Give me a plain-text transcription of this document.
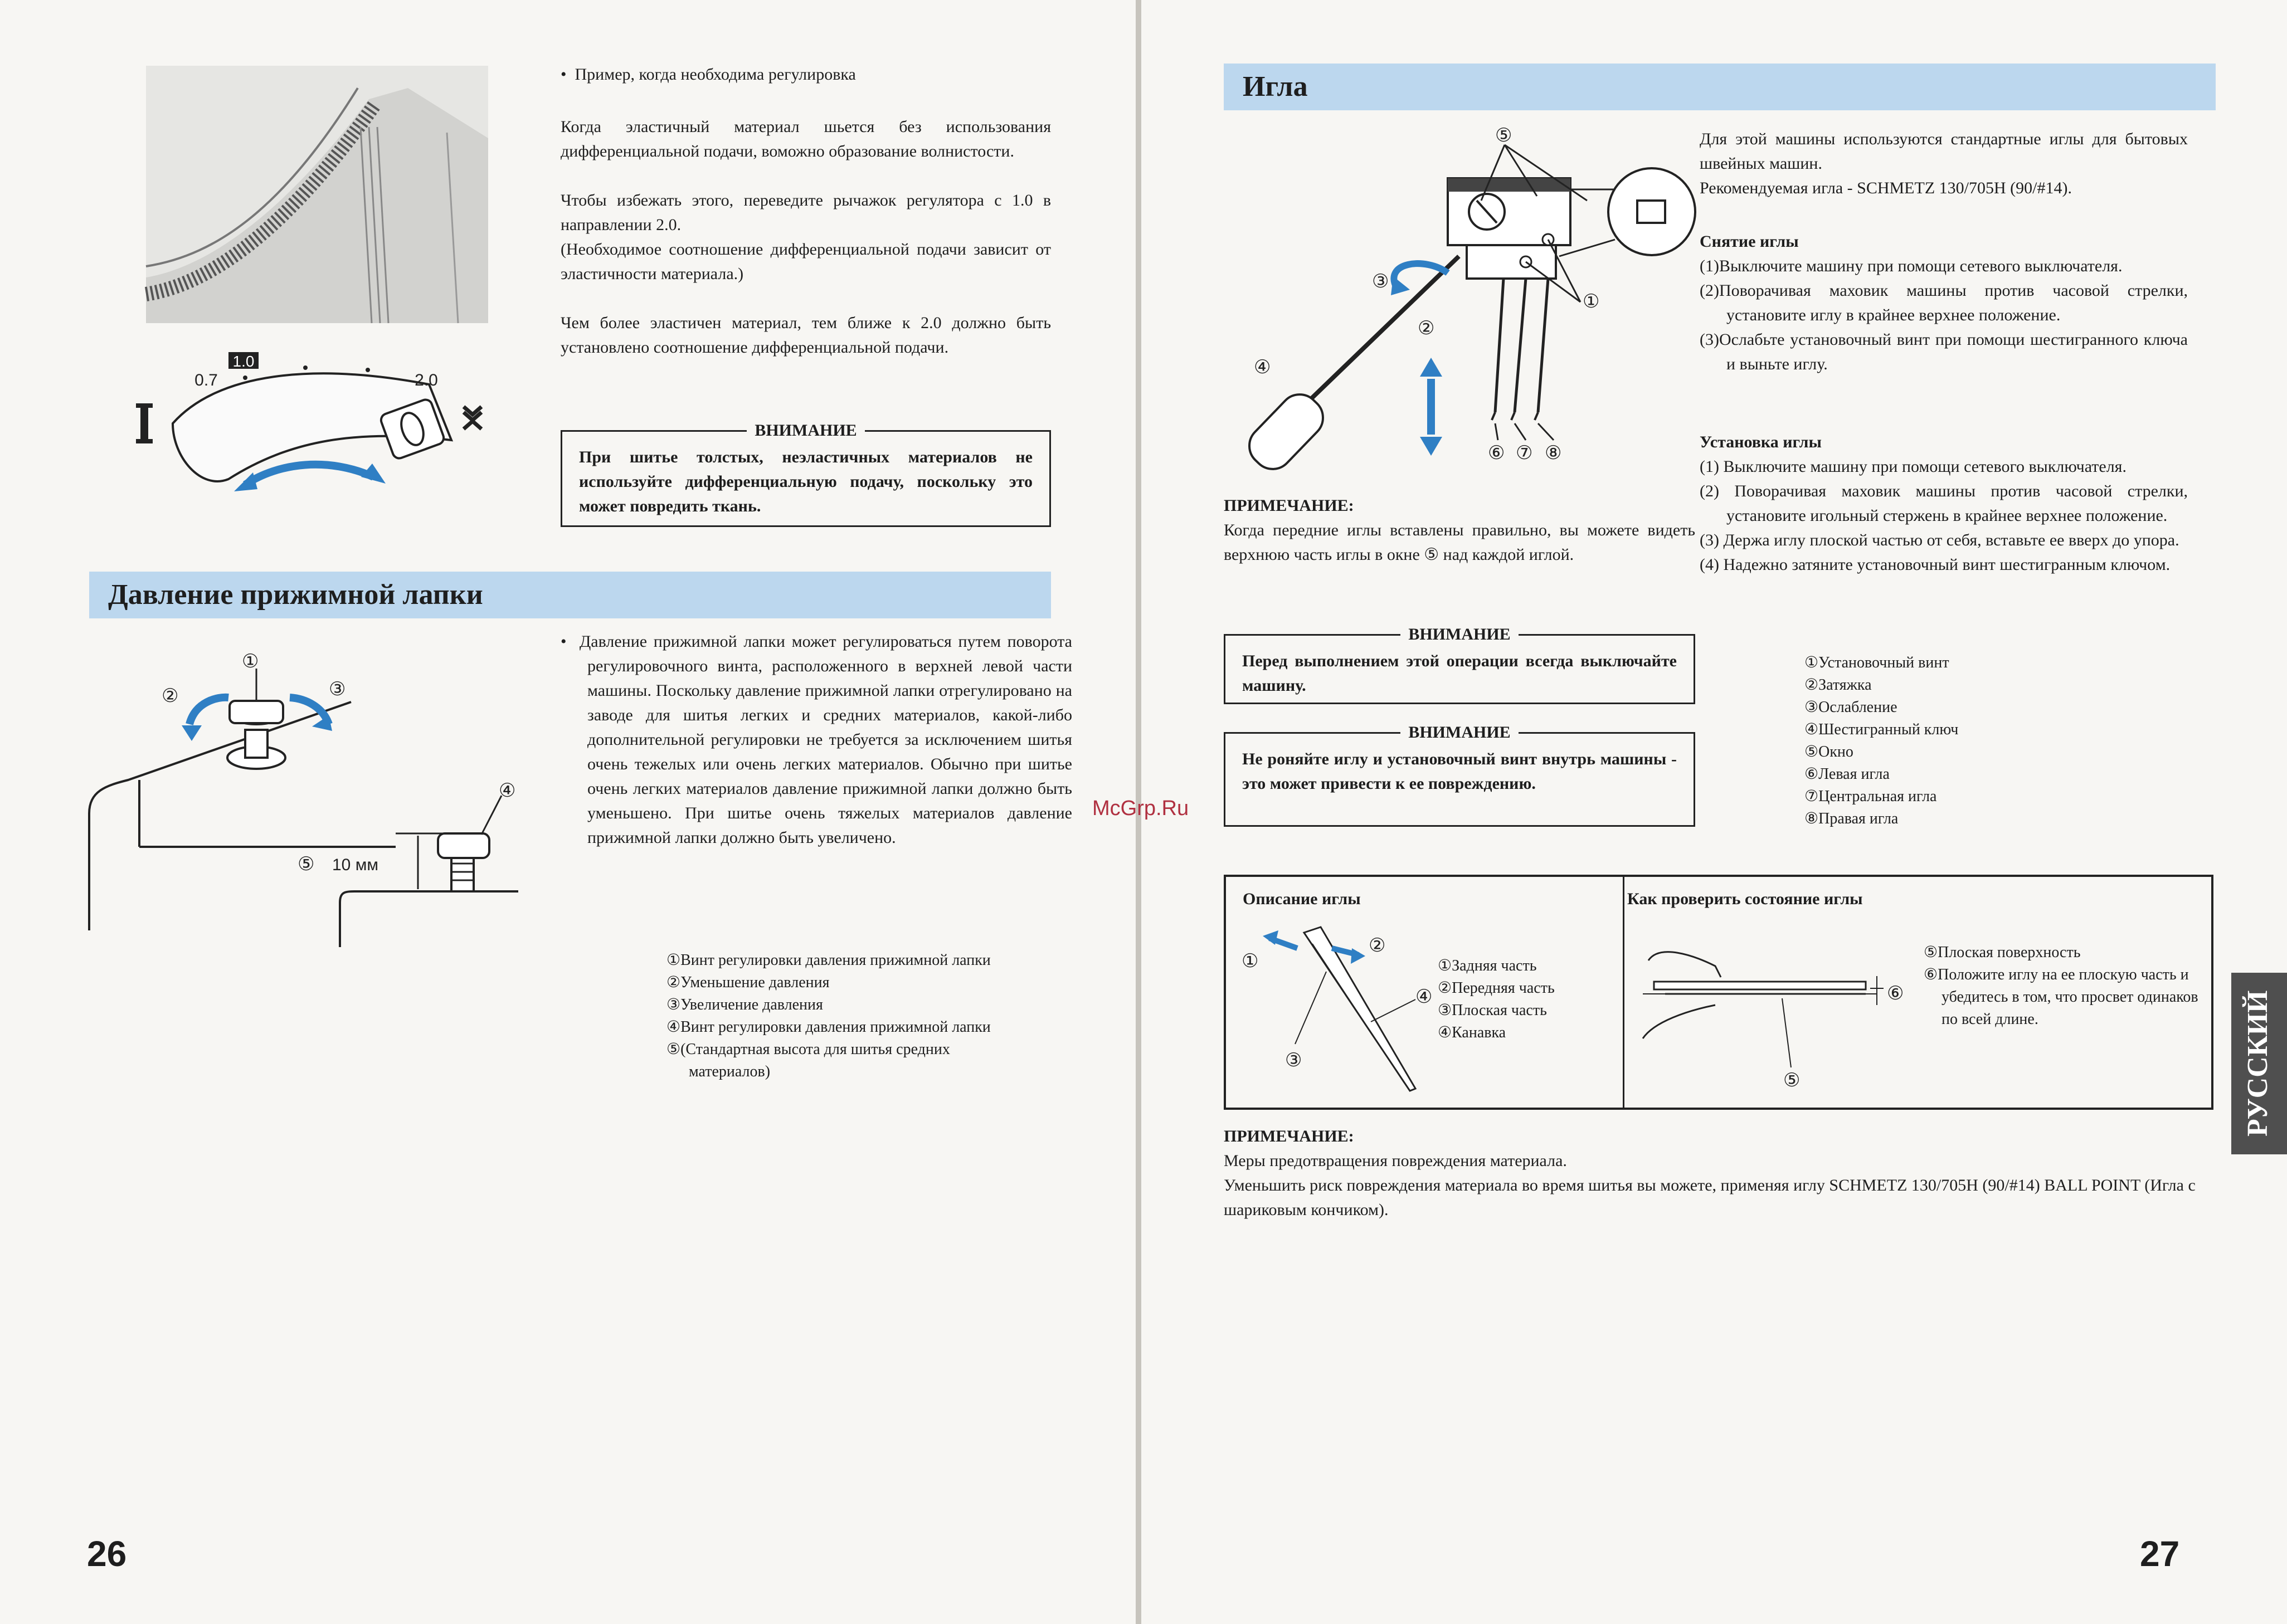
1.0
0.7	2.0
•  Пример, когда необходима регулировка

Когда эластичный материал шьется без использования дифференциальной подачи, воможно образование волнистости.

Чтобы избежать этого, переведите рычажок регулятора с 1.0 в направлении 2.0.

(Необходимое соотношение дифференциальной подачи зависит от эластичности материала.)

Чем более эластичен материал, тем ближе к 2.0 должно быть установлено соотношение дифференциальной подачи.

ВНИМАНИЕ
При шитье толстых, неэластичных материалов не используйте дифференциальную подачу, поскольку это может повредить ткань.
Давление прижимной лапки
①
②	③
④
⑤ 10 мм
•  Давление прижимной лапки может регулироваться путем поворота регулировочного винта, расположенного в верхней левой части машины. Поскольку давление прижимной лапки отрегулировано на заводе для шитья легких и средних материалов, какой-либо дополнительной регулировки не требуется за исключением шитья очень тежелых или очень легких материалов. Обычно при шитье очень легких материалов давление прижимной лапки должно быть уменьшено. При шитье очень тяжелых материалов давление прижимной лапки должно быть увеличено.
①Винт регулировки давления прижимной лапки
②Уменьшение давления
③Увеличение давления
④Винт регулировки давления прижимной лапки
⑤(Стандартная высота для шитья средних
материалов)
26
Игла
⑤
①
②
③
④
⑥ ⑦ ⑧

Для этой машины используются стандартные иглы для бытовых швейных машин.

Рекомендуемая игла - SCHMETZ 130/705H (90/#14).

Снятие иглы
(1)Выключите машину при помощи сетевого выключателя.
(2)Поворачивая маховик машины против часовой стрелки, установите иглу в крайнее верхнее положение.
(3)Ослабьте установочный винт при помощи шестигранного ключа и выньте иглу.
Установка иглы
(1) Выключите машину при помощи сетевого выключателя.
(2) Поворачивая маховик машины против часовой стрелки, установите игольный стержень в крайнее верхнее положение.
(3) Держа иглу плоской частью от себя, вставьте ее вверх до упора.
(4) Надежно затяните установочный винт шестигранным ключом.
①Установочный винт
②Затяжка
③Ослабление
④Шестигранный ключ
⑤Окно
⑥Левая игла
⑦Центральная игла
⑧Правая игла
ПРИМЕЧАНИЕ:
Когда передние иглы вставлены правильно, вы можете видеть верхнюю часть иглы в окне ⑤ над каждой иглой.
ВНИМАНИЕ
Перед выполнением этой операции всегда выключайте машину.
ВНИМАНИЕ
Не роняйте иглу и установочный винт внутрь машины - это может привести к ее повреждению.
McGrp.Ru
Описание иглы	Как проверить состояние иглы
①
②
③
④
①Задняя часть
②Передняя часть
③Плоская часть
④Канавка
⑤
⑥
⑤Плоская поверхность
⑥Положите иглу на ее плоскую часть и убедитесь в том, что просвет одинаков по всей длине.
ПРИМЕЧАНИЕ:
Меры предотвращения повреждения материала.
Уменьшить риск повреждения материала во время шитья вы можете, применяя иглу SCHMETZ 130/705H (90/#14) BALL POINT (Игла с шариковым кончиком).
РУССКИЙ
27
